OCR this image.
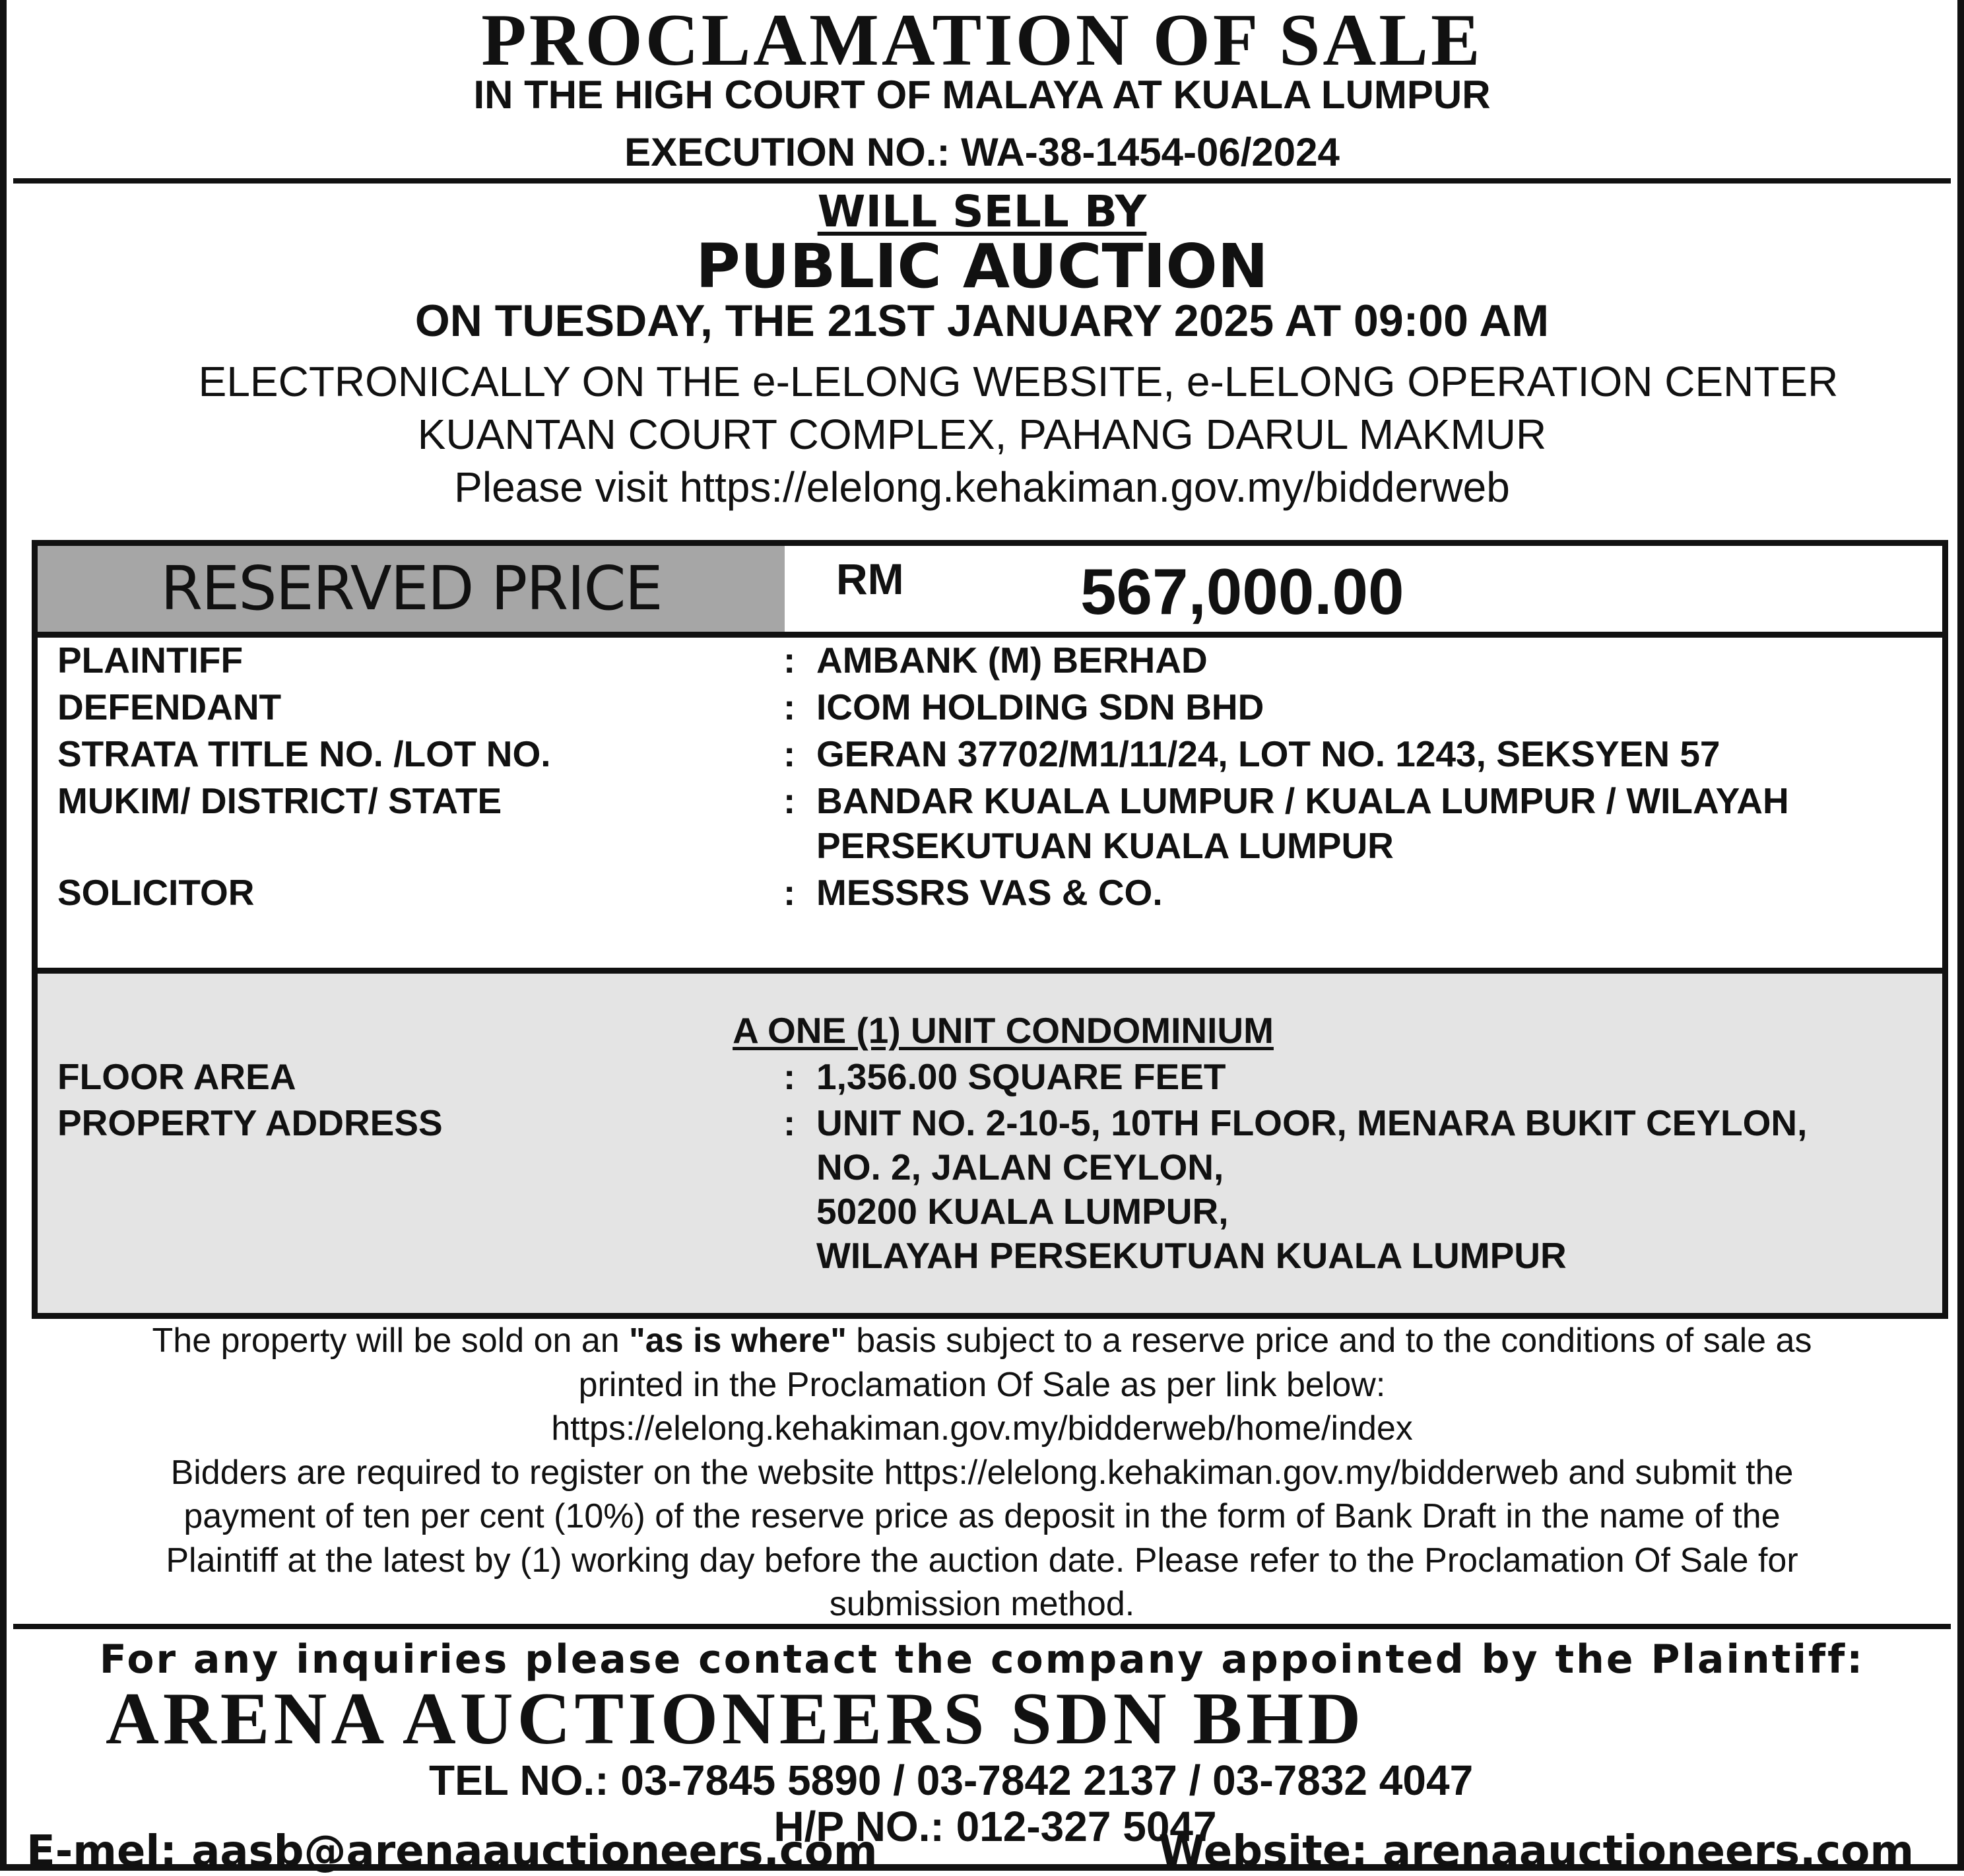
PROCLAMATION OF SALE
IN THE HIGH COURT OF MALAYA AT KUALA LUMPUR
EXECUTION NO.: WA-38-1454-06/2024
WILL SELL BY
PUBLIC AUCTION
ON TUESDAY, THE 21ST JANUARY 2025 AT 09:00 AM
ELECTRONICALLY ON THE e-LELONG WEBSITE, e-LELONG OPERATION CENTER
KUANTAN COURT COMPLEX, PAHANG DARUL MAKMUR
Please visit https://elelong.kehakiman.gov.my/bidderweb
RESERVED PRICE	RM	567,000.00
PLAINTIFF	: AMBANK (M) BERHAD
DEFENDANT	: ICOM HOLDING SDN BHD
STRATA TITLE NO. /LOT NO.	: GERAN 37702/M1/11/24, LOT NO. 1243, SEKSYEN 57
MUKIM/ DISTRICT/ STATE	: BANDAR KUALA LUMPUR / KUALA LUMPUR / WILAYAH
PERSEKUTUAN KUALA LUMPUR
SOLICITOR	: MESSRS VAS & CO.
A ONE (1) UNIT CONDOMINIUM
FLOOR AREA	: 1,356.00 SQUARE FEET
PROPERTY ADDRESS	: UNIT NO. 2-10-5, 10TH FLOOR, MENARA BUKIT CEYLON,
NO. 2, JALAN CEYLON,
50200 KUALA LUMPUR,
WILAYAH PERSEKUTUAN KUALA LUMPUR
The property will be sold on an "as is where" basis subject to a reserve price and to the conditions of sale as
printed in the Proclamation Of Sale as per link below:
https://elelong.kehakiman.gov.my/bidderweb/home/index
Bidders are required to register on the website https://elelong.kehakiman.gov.my/bidderweb and submit the
payment of ten per cent (10%) of the reserve price as deposit in the form of Bank Draft in the name of the
Plaintiff at the latest by (1) working day before the auction date. Please refer to the Proclamation Of Sale for
submission method.
For any inquiries please contact the company appointed by the Plaintiff:
ARENA AUCTIONEERS SDN BHD
TEL NO.: 03-7845 5890 / 03-7842 2137 / 03-7832 4047
H/P NO.: 012-327 5047
E-mel: aasb@arenaauctioneers.com	Website: arenaauctioneers.com
